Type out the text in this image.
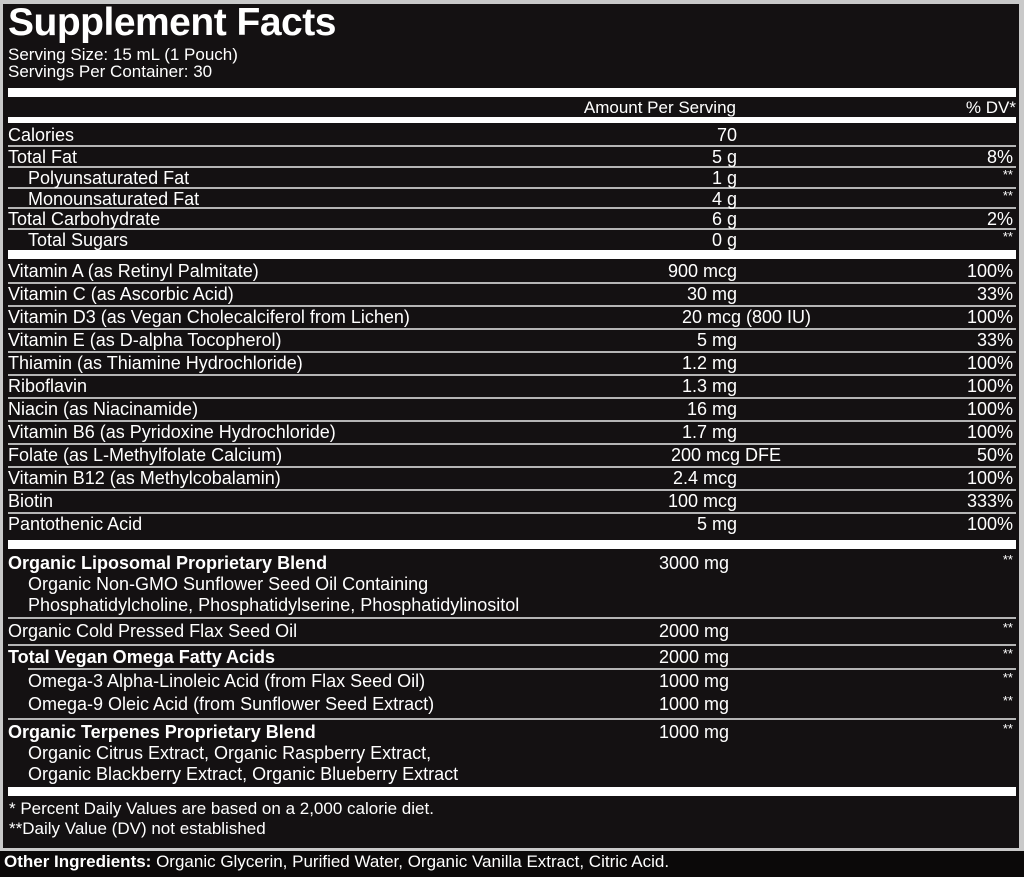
Supplement Facts
Serving Size: 15 mL (1 Pouch)
Servings Per Container: 30
Amount Per Serving	% DV*
Calories	70
Total Fat	5 g	8%
Polyunsaturated Fat	1 g	**
Monounsaturated Fat	4 g	**
Total Carbohydrate	6 g	2%
Total Sugars	0 g	**
Vitamin A (as Retinyl Palmitate)	900 mcg	100%
Vitamin C (as Ascorbic Acid)	30 mg	33%
Vitamin D3 (as Vegan Cholecalciferol from Lichen)	20 mcg (800 IU)	100%
Vitamin E (as D-alpha Tocopherol)	5 mg	33%
Thiamin (as Thiamine Hydrochloride)	1.2 mg	100%
Riboflavin	1.3 mg	100%
Niacin (as Niacinamide)	16 mg	100%
Vitamin B6 (as Pyridoxine Hydrochloride)	1.7 mg	100%
Folate (as L-Methylfolate Calcium)	200 mcg DFE	50%
Vitamin B12 (as Methylcobalamin)	2.4 mcg	100%
Biotin	100 mcg	333%
Pantothenic Acid	5 mg	100%
Organic Liposomal Proprietary Blend	3000 mg	**
Organic Non-GMO Sunflower Seed Oil Containing
Phosphatidylcholine, Phosphatidylserine, Phosphatidylinositol
Organic Cold Pressed Flax Seed Oil	2000 mg	**
Total Vegan Omega Fatty Acids	2000 mg	**
Omega-3 Alpha-Linoleic Acid (from Flax Seed Oil)	1000 mg	**
Omega-9 Oleic Acid (from Sunflower Seed Extract)	1000 mg	**
Organic Terpenes Proprietary Blend	1000 mg	**
Organic Citrus Extract, Organic Raspberry Extract,
Organic Blackberry Extract, Organic Blueberry Extract
* Percent Daily Values are based on a 2,000 calorie diet.
**Daily Value (DV) not established
Other Ingredients: Organic Glycerin, Purified Water, Organic Vanilla Extract, Citric Acid.
